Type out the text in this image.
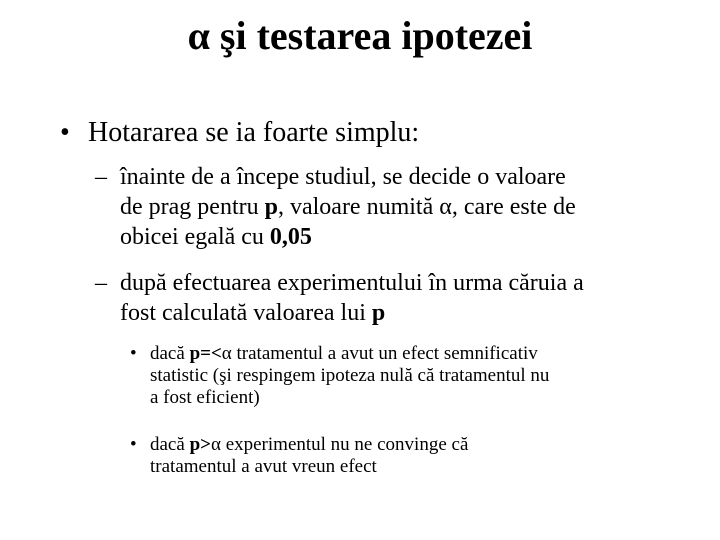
α şi testarea ipotezei
• Hotararea se ia foarte simplu:
– înainte de a începe studiul, se decide o valoare
de prag pentru p, valoare numită α, care este de
obicei egală cu 0,05
– după efectuarea experimentului în urma căruia a
fost calculată valoarea lui p
• dacă p=<α tratamentul a avut un efect semnificativ
statistic (şi respingem ipoteza nulă că tratamentul nu
a fost eficient)
• dacă p>α experimentul nu ne convinge că
tratamentul a avut vreun efect
